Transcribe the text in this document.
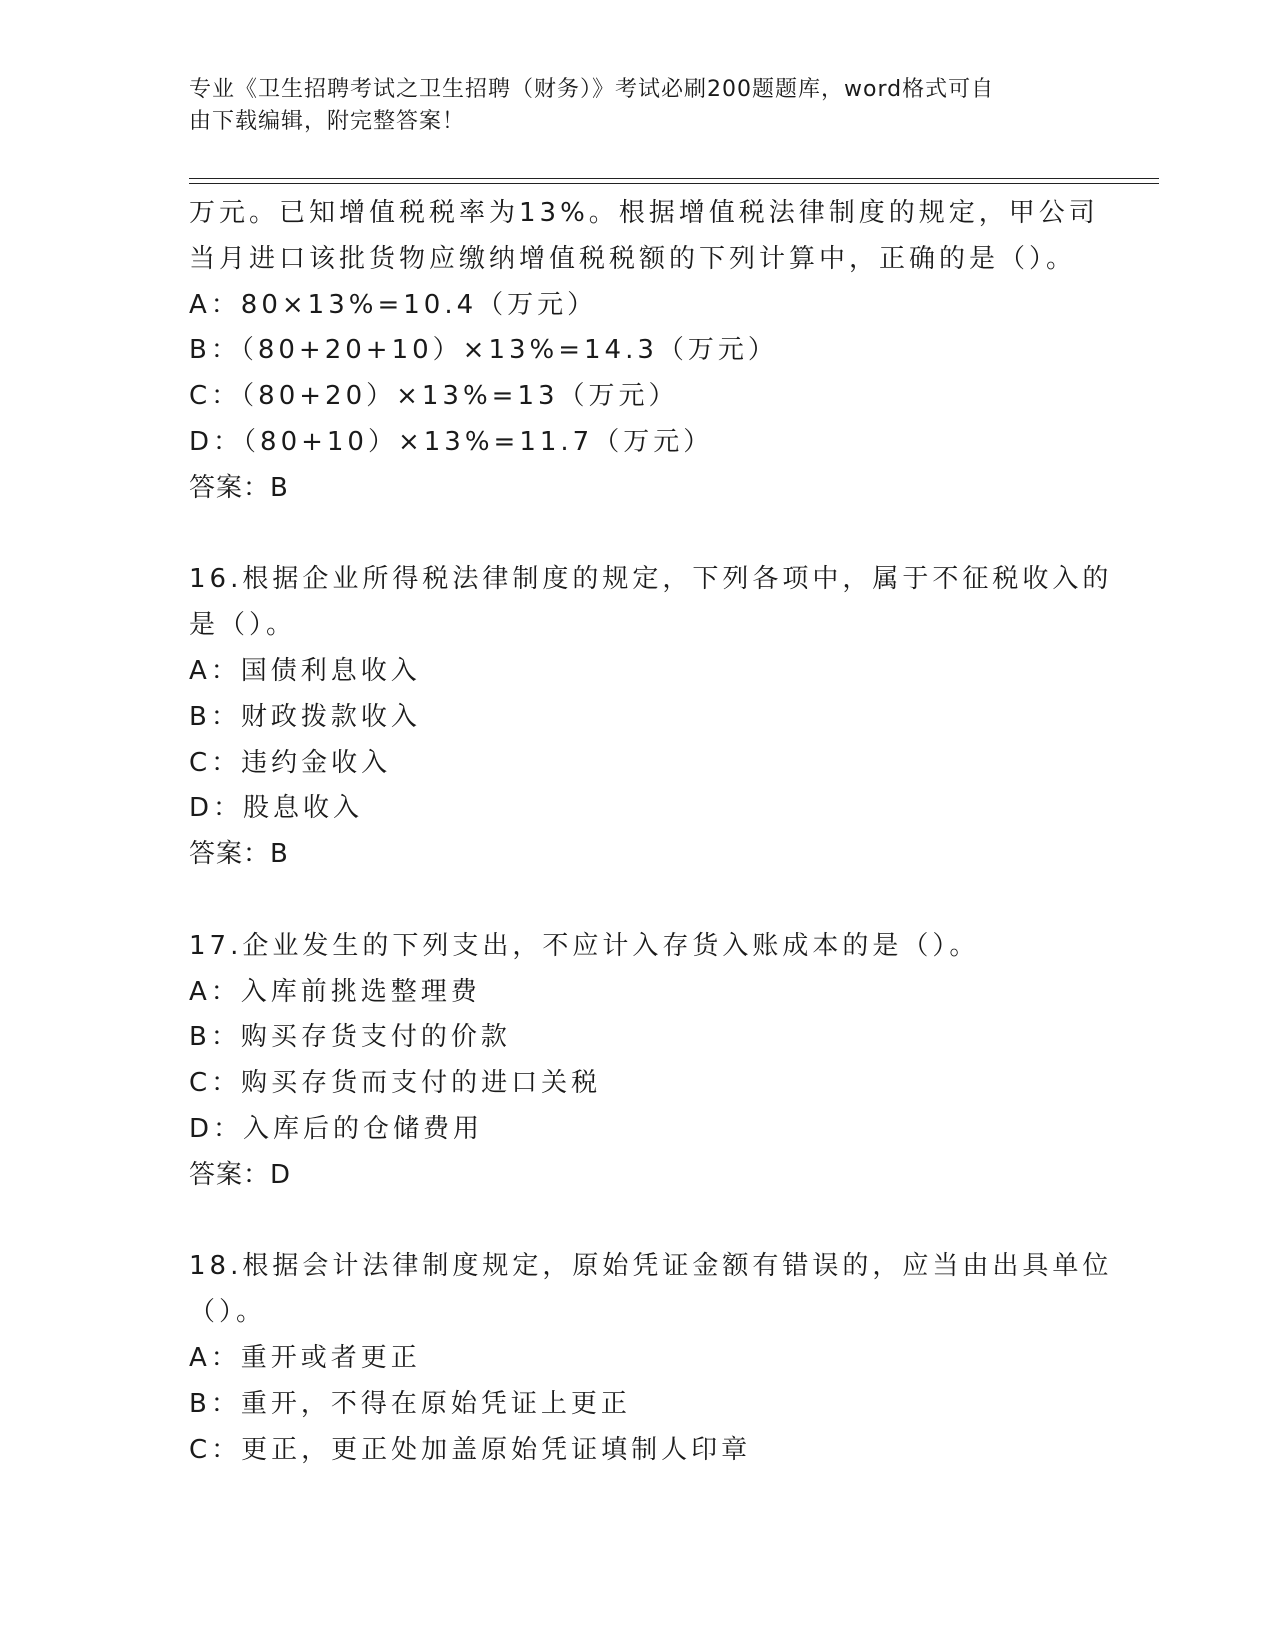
专业《卫生招聘考试之卫生招聘（财务）》考试必刷200题题库，word格式可自
由下载编辑，附完整答案！
万元。已知增值税税率为13%。根据增值税法律制度的规定，甲公司
当月进口该批货物应缴纳增值税税额的下列计算中，正确的是（）。
A：80×13%=10.4（万元）
B：（80+20+10）×13%=14.3（万元）
C：（80+20）×13%=13（万元）
D：（80+10）×13%=11.7（万元）
答案：B
16.根据企业所得税法律制度的规定，下列各项中，属于不征税收入的
是（）。
A：国债利息收入
B：财政拨款收入
C：违约金收入
D：股息收入
答案：B
17.企业发生的下列支出，不应计入存货入账成本的是（）。
A：入库前挑选整理费
B：购买存货支付的价款
C：购买存货而支付的进口关税
D：入库后的仓储费用
答案：D
18.根据会计法律制度规定，原始凭证金额有错误的，应当由出具单位
（）。
A：重开或者更正
B：重开，不得在原始凭证上更正
C：更正，更正处加盖原始凭证填制人印章
